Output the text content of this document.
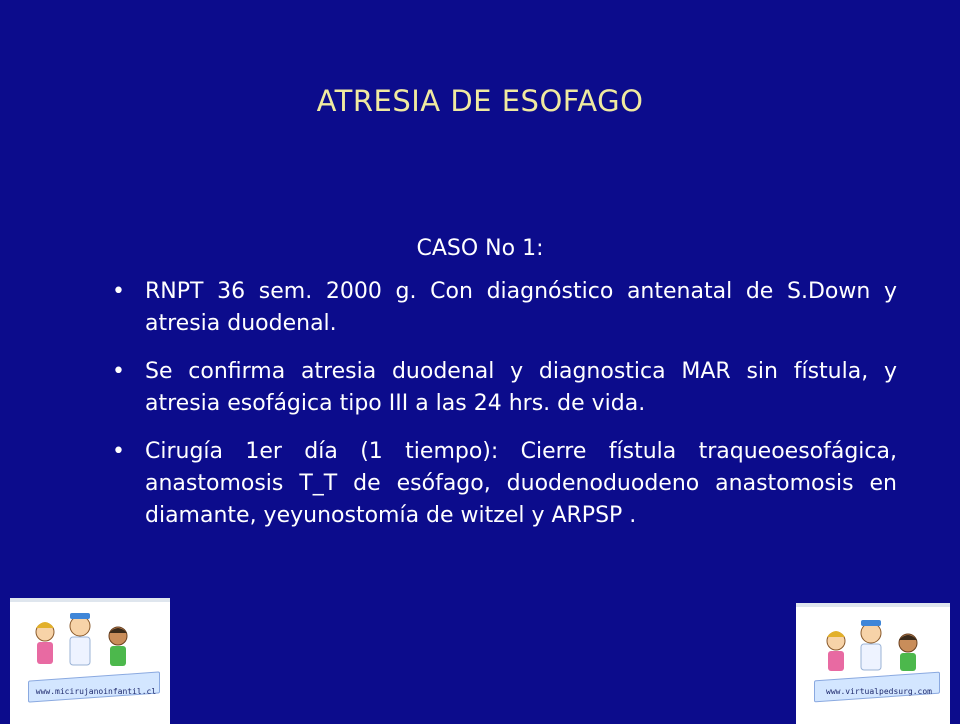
ATRESIA DE ESOFAGO
CASO No 1:
• RNPT 36 sem. 2000 g. Con diagnóstico antenatal de S.Down y atresia duodenal.
• Se confirma atresia duodenal y diagnostica MAR sin fístula, y atresia esofágica tipo III a las 24 hrs. de vida.
• Cirugía 1er día (1 tiempo): Cierre fístula traqueoesofágica, anastomosis T_T de esófago, duodenoduodeno anastomosis en diamante, yeyunostomía de witzel y ARPSP .
www.micirujanoinfantil.cl	www.virtualpedsurg.com
